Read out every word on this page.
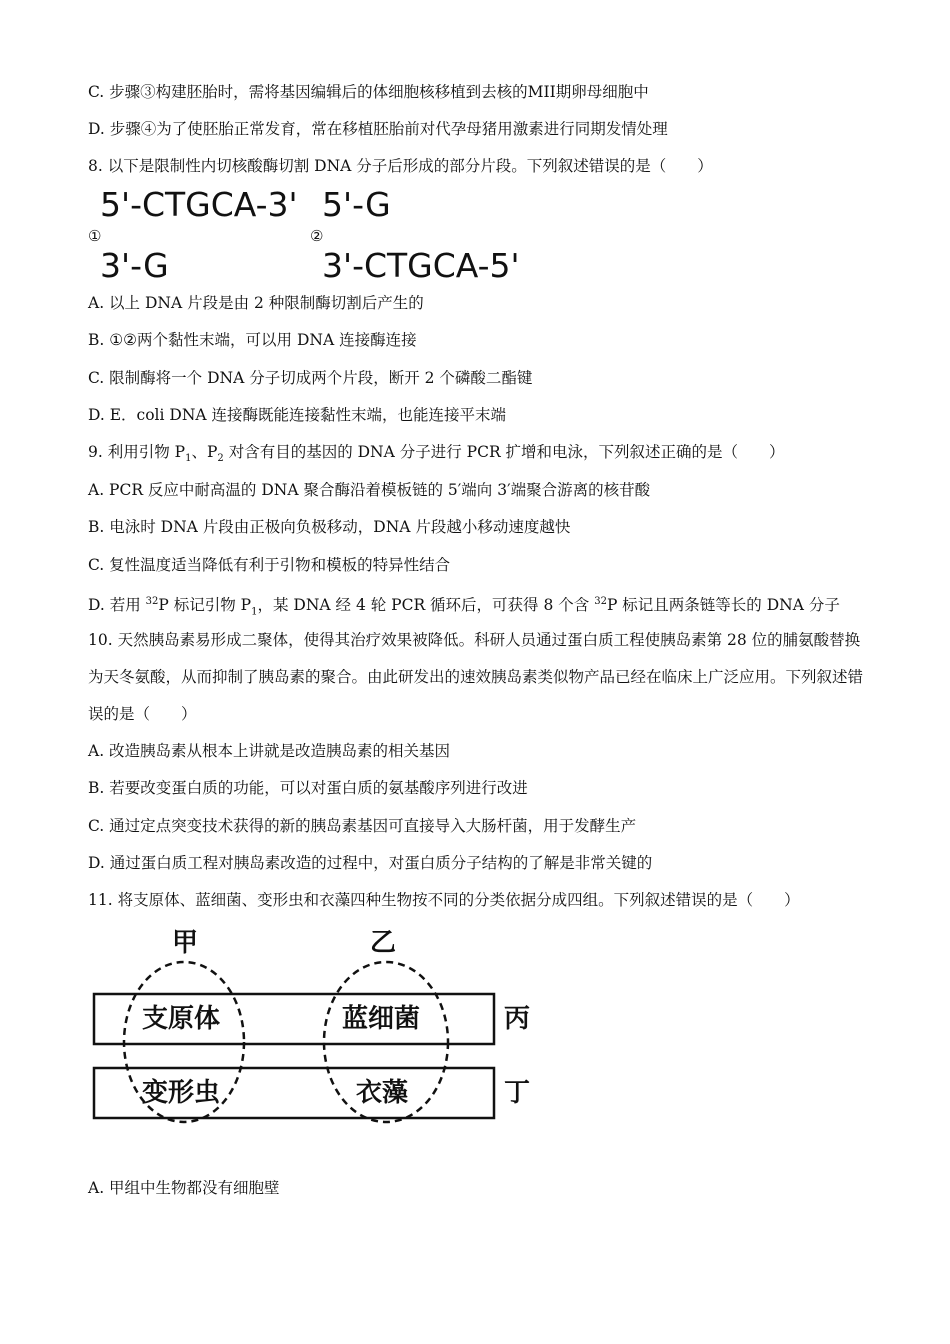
C. 步骤③构建胚胎时，需将基因编辑后的体细胞核移植到去核的MII期卵母细胞中
D. 步骤④为了使胚胎正常发育，常在移植胚胎前对代孕母猪用激素进行同期发情处理
8. 以下是限制性内切核酸酶切割 DNA 分子后形成的部分片段。下列叙述错误的是（　　）
5'-CTGCA-3'
①
3'-G
5'-G
②
3'-CTGCA-5'
A. 以上 DNA 片段是由 2 种限制酶切割后产生的
B. ①②两个黏性末端，可以用 DNA 连接酶连接
C. 限制酶将一个 DNA 分子切成两个片段，断开 2 个磷酸二酯键
D. E．coli DNA 连接酶既能连接黏性末端，也能连接平末端
9. 利用引物 $P_1$、$P_2$ 对含有目的基因的 DNA 分子进行 PCR 扩增和电泳，下列叙述正确的是（　　）
A. PCR 反应中耐高温的 DNA 聚合酶沿着模板链的 5′端向 3′端聚合游离的核苷酸
B. 电泳时 DNA 片段由正极向负极移动，DNA 片段越小移动速度越快
C. 复性温度适当降低有利于引物和模板的特异性结合
D. 若用 $^{32}$P 标记引物 $P_1$，某 DNA 经 4 轮 PCR 循环后，可获得 8 个含 $^{32}$P 标记且两条链等长的 DNA 分子
10. 天然胰岛素易形成二聚体，使得其治疗效果被降低。科研人员通过蛋白质工程使胰岛素第 28 位的脯氨酸替换为天冬氨酸，从而抑制了胰岛素的聚合。由此研发出的速效胰岛素类似物产品已经在临床上广泛应用。下列叙述错误的是（　　）
A. 改造胰岛素从根本上讲就是改造胰岛素的相关基因
B. 若要改变蛋白质的功能，可以对蛋白质的氨基酸序列进行改进
C. 通过定点突变技术获得的新的胰岛素基因可直接导入大肠杆菌，用于发酵生产
D. 通过蛋白质工程对胰岛素改造的过程中，对蛋白质分子结构的了解是非常关键的
11. 将支原体、蓝细菌、变形虫和衣藻四种生物按不同的分类依据分成四组。下列叙述错误的是（　　）
甲	乙
丙
丁
支原体	蓝细菌
变形虫	衣藻
A. 甲组中生物都没有细胞壁
